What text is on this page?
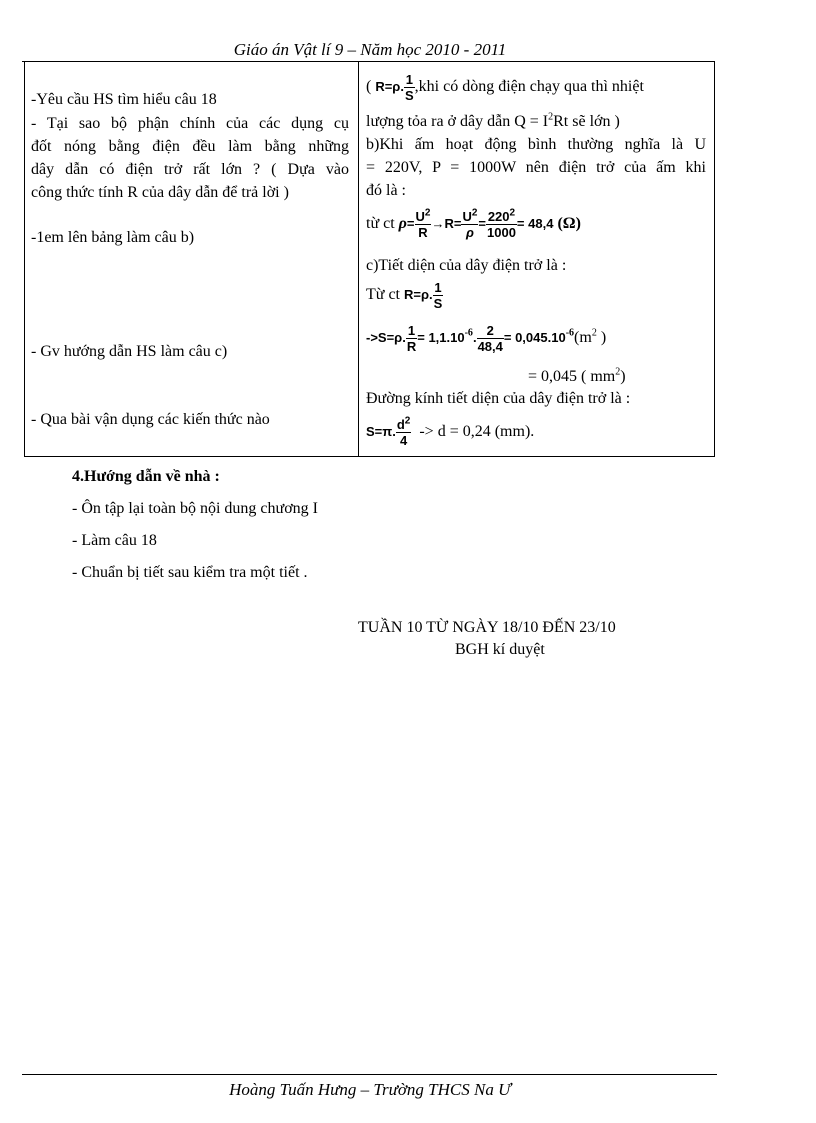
Giáo án Vật lí 9 – Năm học 2010 - 2011
-Yêu cầu HS tìm hiểu câu 18
- Tại sao bộ phận chính của các dụng cụ
đốt nóng bằng điện đều làm bằng những
dây dẫn có điện trở rất lớn ? ( Dựa vào
công thức tính R của dây dẫn để trả lời )
-1em lên bảng làm câu b)
- Gv hướng dẫn HS làm câu c)
- Qua bài vận dụng các kiến thức nào
( R=ρ. $\frac{1}{S} ,khi$ có dòng điện chạy qua thì nhiệt
lượng tỏa ra ở dây dẫn $Q = I^2Rt$ sẽ lớn )
b)Khi ấm hoạt động bình thường nghĩa là U
= 220V, P = 1000W nên điện trở của ấm khi
đó là :
từ ct $\rho= \frac{U^2}{R} \to R= \frac{U^2}{\rho} = \frac{220^2}{1000} = 48,4$ (Ω)
c)Tiết diện của dây điện trở là :
Từ ct R=ρ. $\frac{1}{S}$
->S=ρ. $\frac{1}{R} = 1,1.10^{-6}$. $\frac{2}{48,4} = 0,045.10^{-6}(m^2$ )
= 0,045 ( $mm^2$)
Đường kính tiết diện của dây điện trở là :
S=π. $\frac{d^2}{4} -> d = 0,24$ (mm).
4.Hướng dẫn về nhà :
- Ôn tập lại toàn bộ nội dung chương I
- Làm câu 18
- Chuẩn bị tiết sau kiểm tra một tiết .
TUẦN 10 TỪ NGÀY 18/10 ĐẾN 23/10
BGH kí duyệt
Hoàng Tuấn Hưng – Trường THCS Na Ư
